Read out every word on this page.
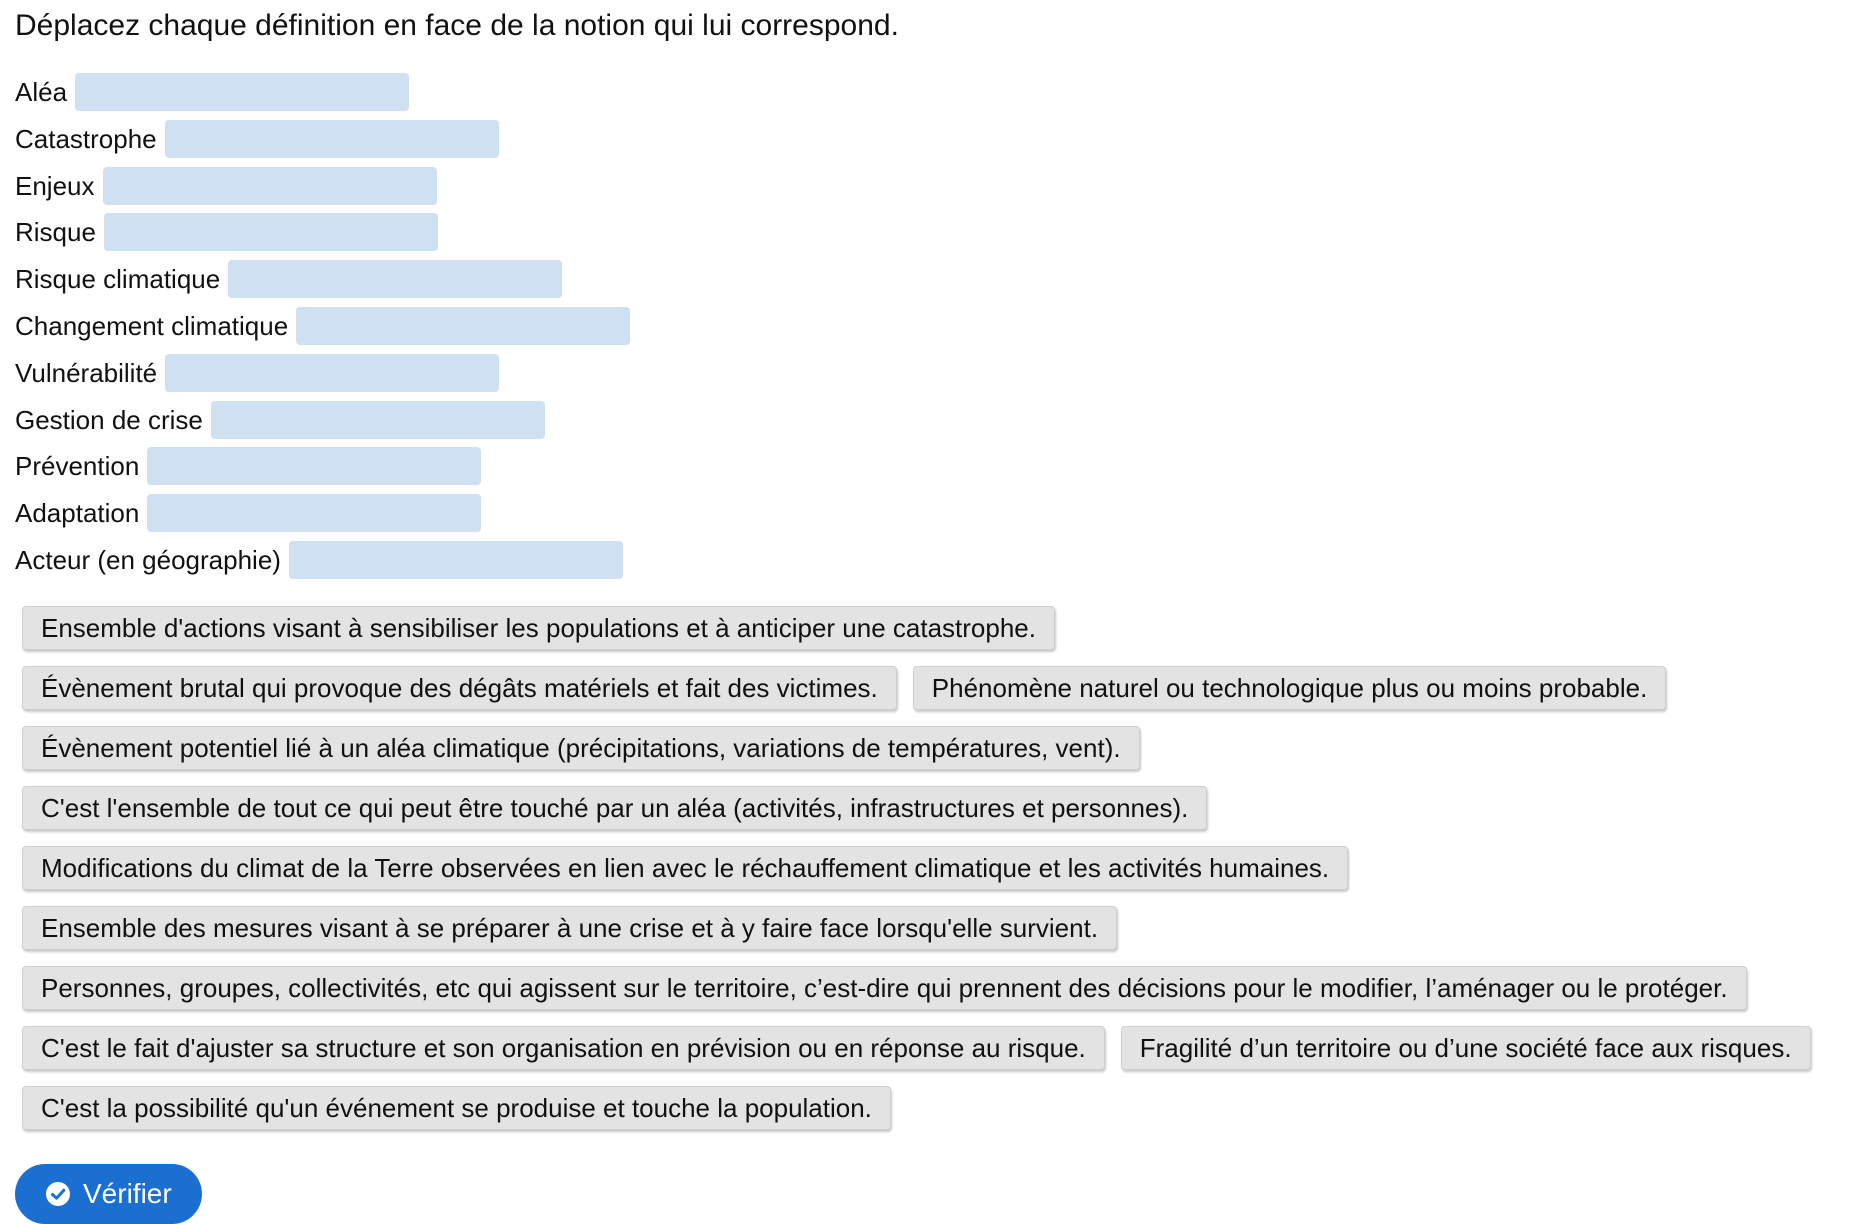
Déplacez chaque définition en face de la notion qui lui correspond.
Aléa
Catastrophe
Enjeux
Risque
Risque climatique
Changement climatique
Vulnérabilité
Gestion de crise
Prévention
Adaptation
Acteur (en géographie)
Ensemble d'actions visant à sensibiliser les populations et à anticiper une catastrophe.
Évènement brutal qui provoque des dégâts matériels et fait des victimes.	Phénomène naturel ou technologique plus ou moins probable.
Évènement potentiel lié à un aléa climatique (précipitations, variations de températures, vent).
C'est l'ensemble de tout ce qui peut être touché par un aléa (activités, infrastructures et personnes).
Modifications du climat de la Terre observées en lien avec le réchauffement climatique et les activités humaines.
Ensemble des mesures visant à se préparer à une crise et à y faire face lorsqu'elle survient.
Personnes, groupes, collectivités, etc qui agissent sur le territoire, c’est-dire qui prennent des décisions pour le modifier, l’aménager ou le protéger.
C'est le fait d'ajuster sa structure et son organisation en prévision ou en réponse au risque.	Fragilité d’un territoire ou d’une société face aux risques.
C'est la possibilité qu'un événement se produise et touche la population.
Vérifier
